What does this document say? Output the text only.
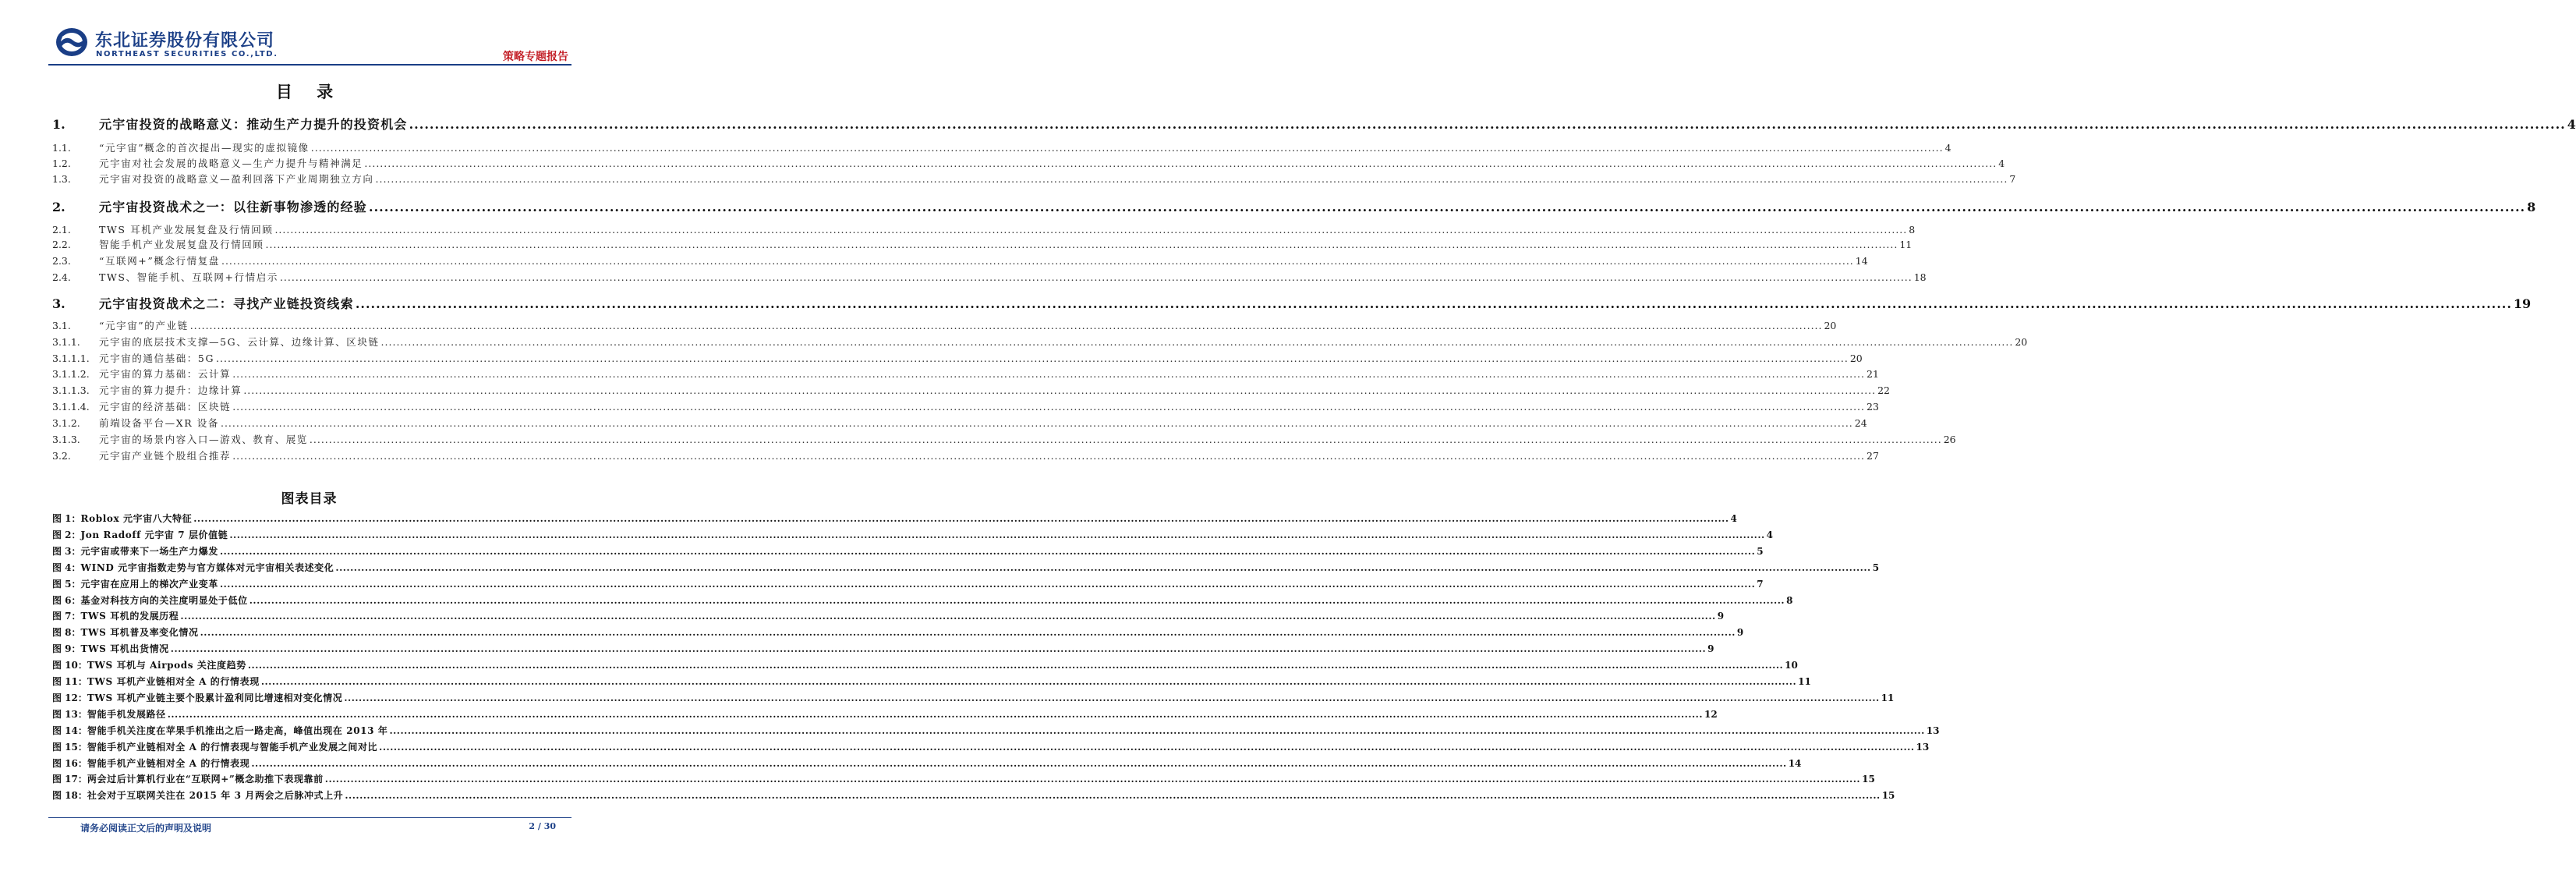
东北证券股份有限公司
NORTHEAST SECURITIES CO.,LTD.	策略专题报告
目 录
1.	元宇宙投资的战略意义：推动生产力提升的投资机会 .....	4
1.1.	“元宇宙”概念的首次提出—现实的虚拟镜像 .....	4
1.2.	元宇宙对社会发展的战略意义—生产力提升与精神满足 .....	4
1.3.	元宇宙对投资的战略意义—盈利回落下产业周期独立方向 .....	7
2.	元宇宙投资战术之一：以往新事物渗透的经验 .....	8
2.1.	TWS 耳机产业发展复盘及行情回顾 .....	8
2.2.	智能手机产业发展复盘及行情回顾 .....	11
2.3.	“互联网+”概念行情复盘 .....	14
2.4.	TWS、智能手机、互联网+行情启示 .....	18
3.	元宇宙投资战术之二：寻找产业链投资线索 .....	19
3.1.	“元宇宙”的产业链 .....	20
3.1.1.	元宇宙的底层技术支撑—5G、云计算、边缘计算、区块链 .....	20
3.1.1.1. 元宇宙的通信基础：5G .....	20
3.1.1.2. 元宇宙的算力基础：云计算 .....	21
3.1.1.3. 元宇宙的算力提升：边缘计算 .....	22
3.1.1.4. 元宇宙的经济基础：区块链 .....	23
3.1.2.	前端设备平台—XR 设备 .....	24
3.1.3.	元宇宙的场景内容入口—游戏、教育、展览 .....	26
3.2.	元宇宙产业链个股组合推荐 .....	27
图表目录
图 1： Roblox 元宇宙八大特征 .....	4
图 2： Jon Radoff 元宇宙 7 层价值链 .....	4
图 3： 元宇宙或带来下一场生产力爆发 .....	5
图 4： WIND 元宇宙指数走势与官方媒体对元宇宙相关表述变化 .....	5
图 5： 元宇宙在应用上的梯次产业变革 .....	7
图 6： 基金对科技方向的关注度明显处于低位 .....	8
图 7： TWS 耳机的发展历程 .....	9
图 8： TWS 耳机普及率变化情况 .....	9
图 9： TWS 耳机出货情况 .....	9
图 10： TWS 耳机与 Airpods 关注度趋势 .....	10
图 11： TWS 耳机产业链相对全 A 的行情表现 .....	11
图 12： TWS 耳机产业链主要个股累计盈利同比增速相对变化情况 .....	11
图 13： 智能手机发展路径 .....	12
图 14： 智能手机关注度在苹果手机推出之后一路走高，峰值出现在 2013 年 .....	13
图 15： 智能手机产业链相对全 A 的行情表现与智能手机产业发展之间对比 .....	13
图 16： 智能手机产业链相对全 A 的行情表现 .....	14
图 17： 两会过后计算机行业在“互联网+”概念助推下表现靠前 .....	15
图 18： 社会对于互联网关注在 2015 年 3 月两会之后脉冲式上升 .....	15
请务必阅读正文后的声明及说明	2 / 30
